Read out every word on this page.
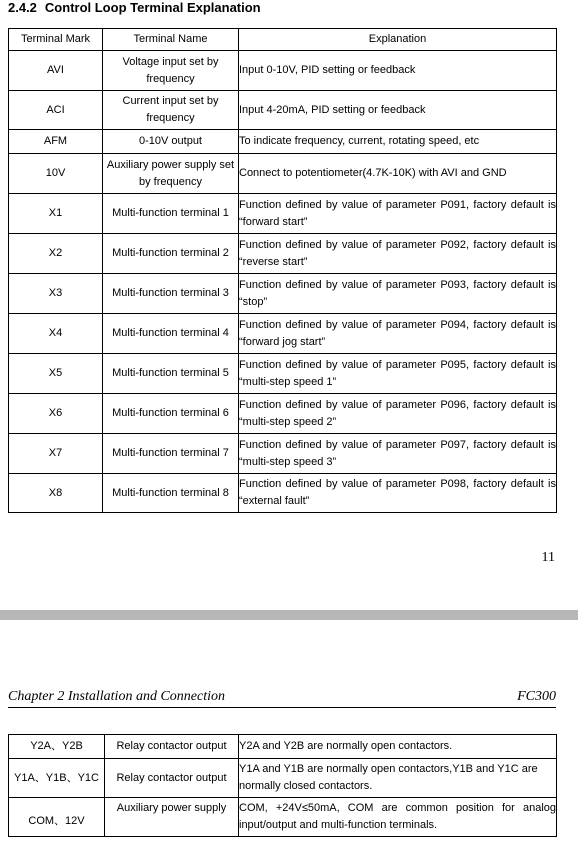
2.4.2 Control Loop Terminal Explanation
Terminal Mark	Terminal Name	Explanation
AVI	Voltage input set by frequency	Input 0-10V, PID setting or feedback
ACI	Current input set by frequency	Input 4-20mA, PID setting or feedback
AFM	0-10V output	To indicate frequency, current, rotating speed, etc
10V	Auxiliary power supply set by frequency	Connect to potentiometer(4.7K-10K) with AVI and GND
X1	Multi-function terminal 1	Function defined by value of parameter P091, factory default is “forward start”
X2	Multi-function terminal 2	Function defined by value of parameter P092, factory default is “reverse start”
X3	Multi-function terminal 3	Function defined by value of parameter P093, factory default is “stop”
X4	Multi-function terminal 4	Function defined by value of parameter P094, factory default is “forward jog start”
X5	Multi-function terminal 5	Function defined by value of parameter P095, factory default is “multi-step speed 1”
X6	Multi-function terminal 6	Function defined by value of parameter P096, factory default is “multi-step speed 2”
X7	Multi-function terminal 7	Function defined by value of parameter P097, factory default is “multi-step speed 3”
X8	Multi-function terminal 8	Function defined by value of parameter P098, factory default is “external fault”
11
Chapter 2 Installation and Connection	FC300
Y2A、Y2B	Relay contactor output	Y2A and Y2B are normally open contactors.
Y1A、Y1B、Y1C	Relay contactor output	Y1A and Y1B are normally open contactors,Y1B and Y1C are normally closed contactors.
COM、12V	Auxiliary power supply	COM, +24V≤50mA, COM are common position for analog input/output and multi-function terminals.
